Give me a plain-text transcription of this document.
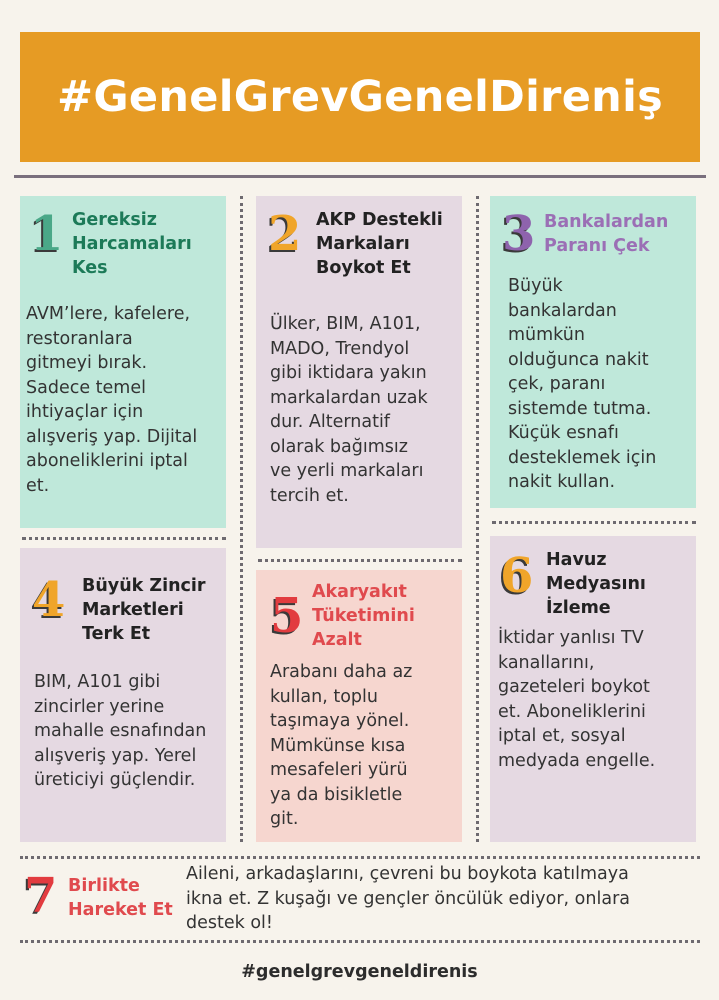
#GenelGrevGenelDireniş
1 Gereksiz
Harcamaları
Kes
AVM’lere, kafelere,
restoranlara
gitmeyi bırak.
Sadece temel
ihtiyaçlar için
alışveriş yap. Dijital
aboneliklerini iptal
et.
2 AKP Destekli
Markaları
Boykot Et
Ülker, BIM, A101,
MADO, Trendyol
gibi iktidara yakın
markalardan uzak
dur. Alternatif
olarak bağımsız
ve yerli markaları
tercih et.
3 Bankalardan
Paranı Çek
Büyük
bankalardan
mümkün
olduğunca nakit
çek, paranı
sistemde tutma.
Küçük esnafı
desteklemek için
nakit kullan.
4 Büyük Zincir
Marketleri
Terk Et
BIM, A101 gibi
zincirler yerine
mahalle esnafından
alışveriş yap. Yerel
üreticiyi güçlendir.
5 Akaryakıt
Tüketimini
Azalt
Arabanı daha az
kullan, toplu
taşımaya yönel.
Mümkünse kısa
mesafeleri yürü
ya da bisikletle
git.
6 Havuz
Medyasını
İzleme
İktidar yanlısı TV
kanallarını,
gazeteleri boykot
et. Aboneliklerini
iptal et, sosyal
medyada engelle.
7 Birlikte
Hareket Et
Aileni, arkadaşlarını, çevreni bu boykota katılmaya
ikna et. Z kuşağı ve gençler öncülük ediyor, onlara
destek ol!
#genelgrevgeneldirenis
